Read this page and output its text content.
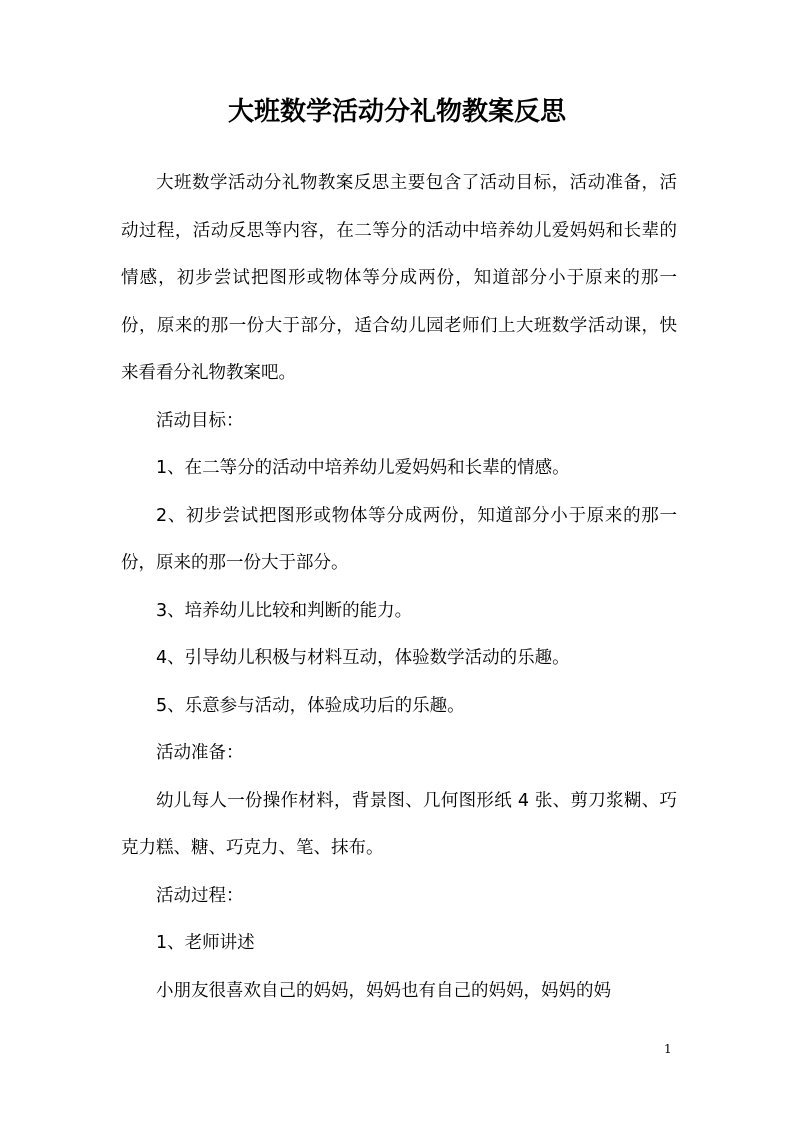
大班数学活动分礼物教案反思

大班数学活动分礼物教案反思主要包含了活动目标，活动准备，活动过程，活动反思等内容，在二等分的活动中培养幼儿爱妈妈和长辈的情感，初步尝试把图形或物体等分成两份，知道部分小于原来的那一份，原来的那一份大于部分，适合幼儿园老师们上大班数学活动课，快来看看分礼物教案吧。

活动目标：

1、在二等分的活动中培养幼儿爱妈妈和长辈的情感。

2、初步尝试把图形或物体等分成两份，知道部分小于原来的那一份，原来的那一份大于部分。

3、培养幼儿比较和判断的能力。

4、引导幼儿积极与材料互动，体验数学活动的乐趣。

5、乐意参与活动，体验成功后的乐趣。

活动准备：

幼儿每人一份操作材料，背景图、几何图形纸 4 张、剪刀浆糊、巧克力糕、糖、巧克力、笔、抹布。

活动过程：

1、老师讲述

小朋友很喜欢自己的妈妈，妈妈也有自己的妈妈，妈妈的妈

1
